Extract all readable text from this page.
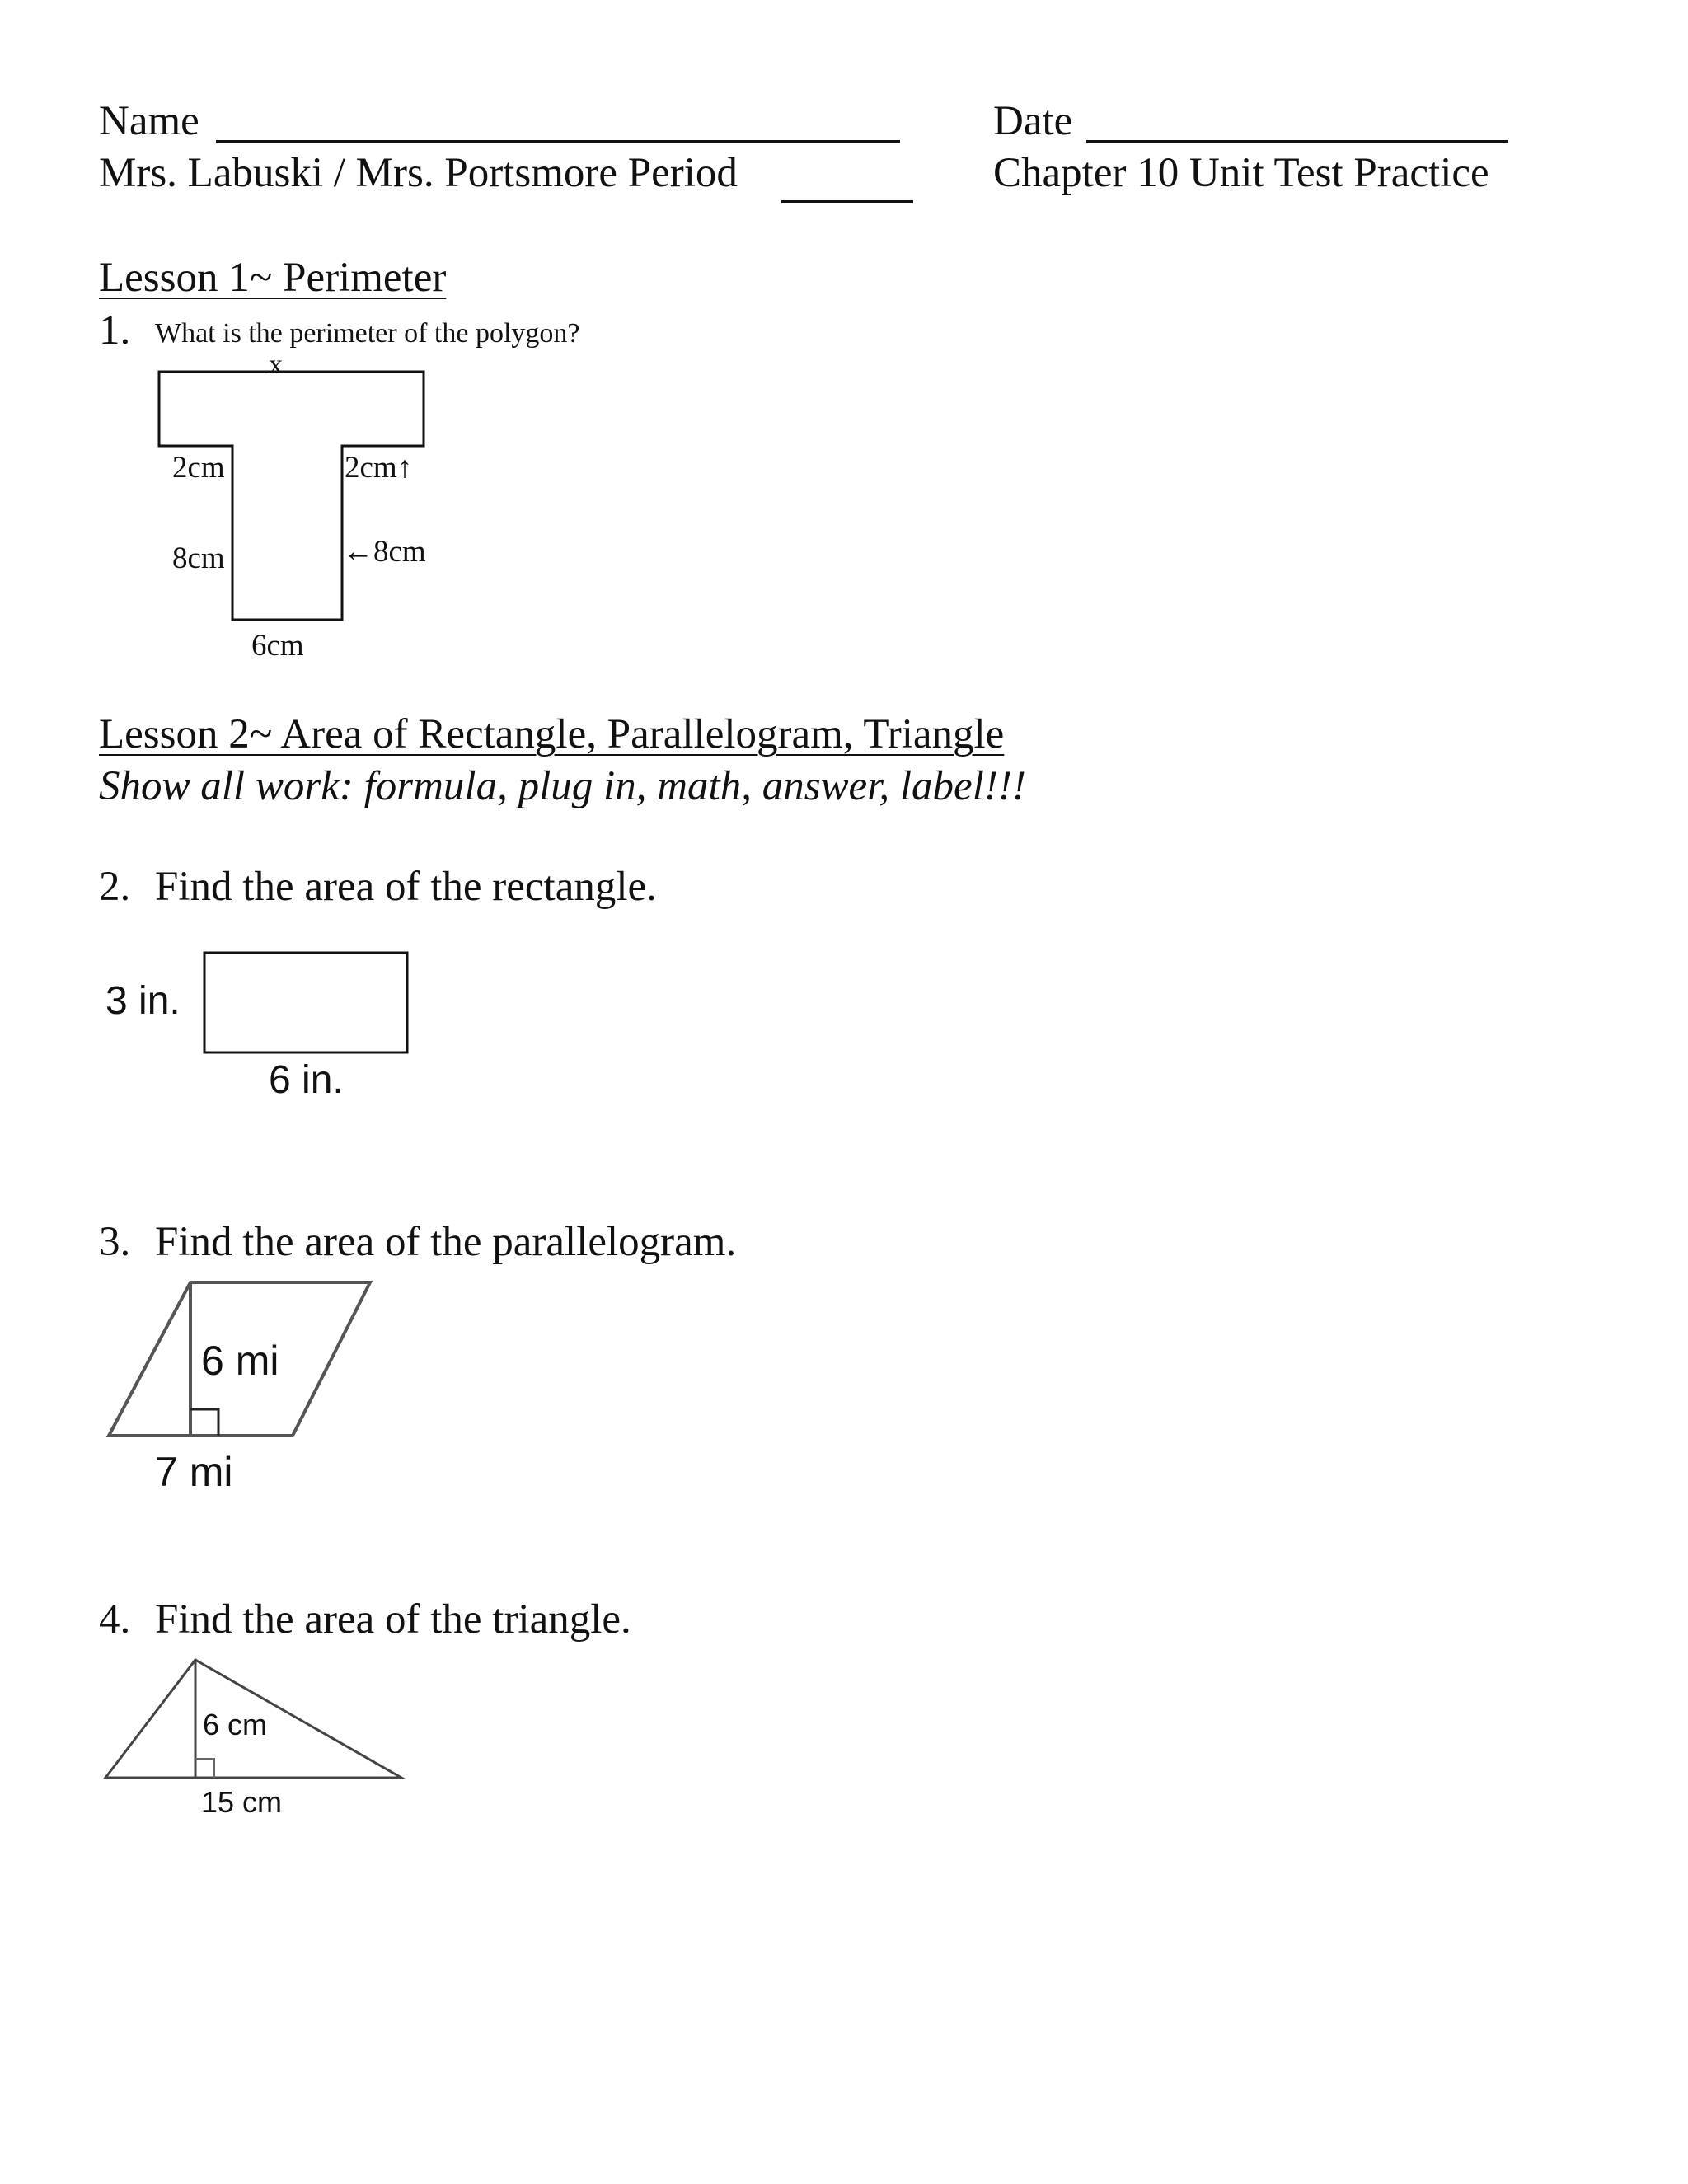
Name	Date
Mrs. Labuski / Mrs. Portsmore Period	Chapter 10 Unit Test Practice
Lesson 1~ Perimeter
1. What is the perimeter of the polygon?
x
2cm	2cm↑
8cm	←8cm
6cm
Lesson 2~ Area of Rectangle, Parallelogram, Triangle
Show all work: formula, plug in, math, answer, label!!!
2. Find the area of the rectangle.
3 in.
6 in.
3. Find the area of the parallelogram.
6 mi
7 mi
4. Find the area of the triangle.
6 cm
15 cm
